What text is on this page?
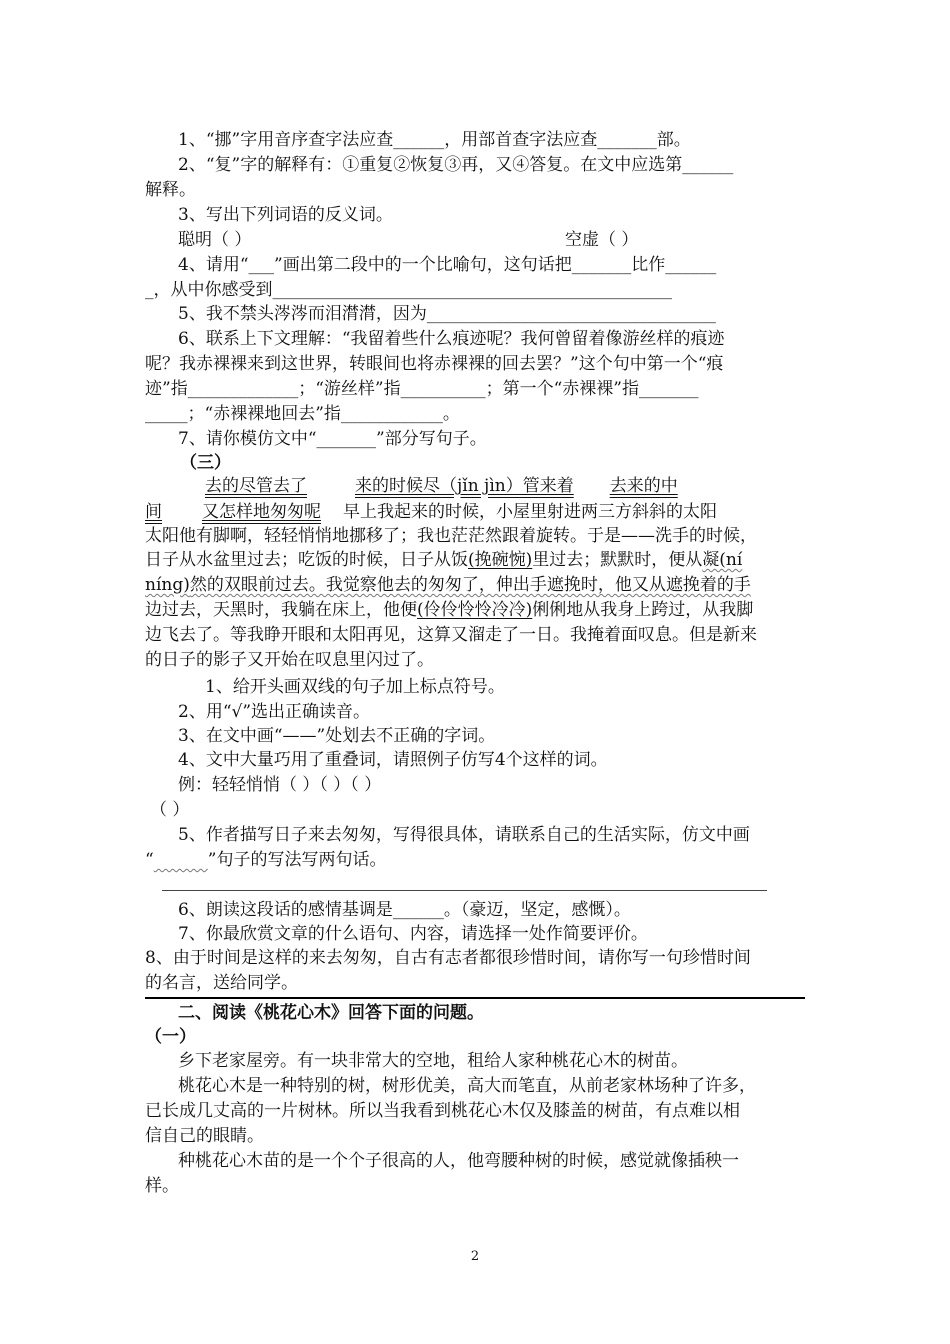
1、“挪”字用音序查字法应查______，用部首查字法应查_______部。
2、“复”字的解释有：①重复②恢复③再，又④答复。在文中应选第______
解释。
3、写出下列词语的反义词。
聪明（ ）	空虚（ ）
4、请用“___”画出第二段中的一个比喻句，这句话把_______比作______
_，从中你感受到_______________________________________________
5、我不禁头涔涔而泪潸潸，因为__________________________________
6、联系上下文理解：“我留着些什么痕迹呢？我何曾留着像游丝样的痕迹
呢？我赤裸裸来到这世界，转眼间也将赤裸裸的回去罢？”这个句中第一个“痕
迹”指_____________；“游丝样”指__________；第一个“赤裸裸”指_______
_____；“赤裸裸地回去”指____________。
7、请你模仿文中“_______”部分写句子。
（三）
去的尽管去了	来的时候尽（jǐn jìn）管来着 去来的中
间 又怎样地匆匆呢 早上我起来的时候，小屋里射进两三方斜斜的太阳
太阳他有脚啊，轻轻悄悄地挪移了；我也茫茫然跟着旋转。于是——洗手的时候，
日子从水盆里过去；吃饭的时候，日子从饭(挽碗惋)里过去；默默时，便从凝(ní
níng)然的双眼前过去。我觉察他去的匆匆了，伸出手遮挽时，他又从遮挽着的手
边过去，天黑时，我躺在床上，他便(伶伶怜怜冷冷)俐俐地从我身上跨过，从我脚
边飞去了。等我睁开眼和太阳再见，这算又溜走了一日。我掩着面叹息。但是新来
的日子的影子又开始在叹息里闪过了。
1、给开头画双线的句子加上标点符号。
2、用“√”选出正确读音。
3、在文中画“——”处划去不正确的字词。
4、文中大量巧用了重叠词，请照例子仿写4个这样的词。
例：轻轻悄悄（ ）（ ）（ ）
（ ）
5、作者描写日子来去匆匆，写得很具体，请联系自己的生活实际，仿文中画
“	”句子的写法写两句话。
6、朗读这段话的感情基调是______。（豪迈，坚定，感慨）。
7、你最欣赏文章的什么语句、内容，请选择一处作简要评价。
8、由于时间是这样的来去匆匆，自古有志者都很珍惜时间，请你写一句珍惜时间
的名言，送给同学。
二、阅读《桃花心木》回答下面的问题。
（一）
乡下老家屋旁。有一块非常大的空地，租给人家种桃花心木的树苗。
桃花心木是一种特别的树，树形优美，高大而笔直，从前老家林场种了许多，
已长成几丈高的一片树林。所以当我看到桃花心木仅及膝盖的树苗，有点难以相
信自己的眼睛。
种桃花心木苗的是一个个子很高的人，他弯腰种树的时候，感觉就像插秧一
样。
2
